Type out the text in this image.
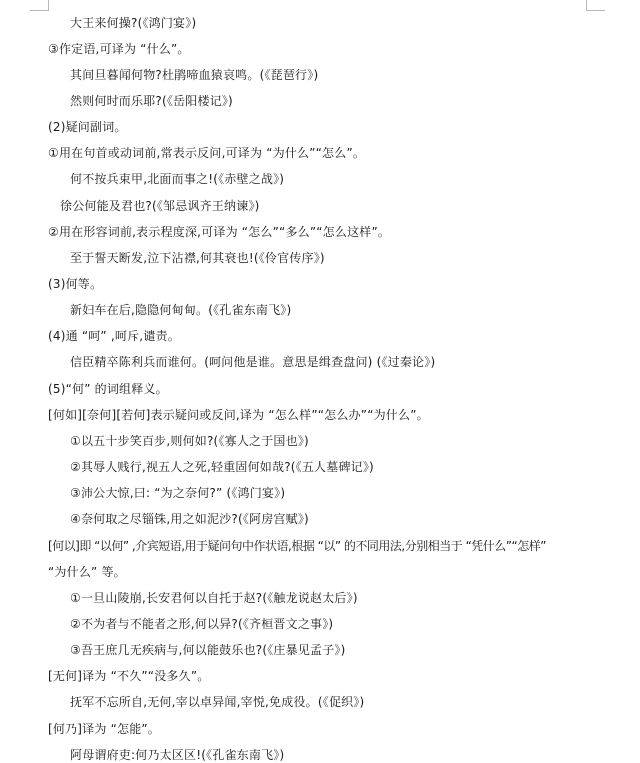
大王来何操?(《鸿门宴》)
③作定语,可译为 “什么”。
其间旦暮闻何物?杜鹃啼血猿哀鸣。(《琵琶行》)
然则何时而乐耶?(《岳阳楼记》)
(2)疑问副词。
①用在句首或动词前,常表示反问,可译为 “为什么”“怎么”。
何不按兵束甲,北面而事之!(《赤壁之战》)
徐公何能及君也?(《邹忌讽齐王纳谏》)
②用在形容词前,表示程度深,可译为 “怎么”“多么”“怎么这样”。
至于誓天断发,泣下沾襟,何其衰也!(《伶官传序》)
(3)何等。
新妇车在后,隐隐何甸甸。(《孔雀东南飞》)
(4)通 “呵” ,呵斥,谴责。
信臣精卒陈利兵而谁何。(呵问他是谁。意思是缉查盘问) (《过秦论》)
(5)“何” 的词组释义。
[何如][奈何][若何]表示疑问或反问,译为 “怎么样”“怎么办”“为什么”。
①以五十步笑百步,则何如?(《寡人之于国也》)
②其辱人贱行,视五人之死,轻重固何如哉?(《五人墓碑记》)
③沛公大惊,曰: “为之奈何?” (《鸿门宴》)
④奈何取之尽锱铢,用之如泥沙?(《阿房宫赋》)
[何以]即 “以何” ,介宾短语,用于疑问句中作状语,根据 “以” 的不同用法,分别相当于 “凭什么”“怎样”
“为什么” 等。
①一旦山陵崩,长安君何以自托于赵?(《触龙说赵太后》)
②不为者与不能者之形,何以异?(《齐桓晋文之事》)
③吾王庶几无疾病与,何以能鼓乐也?(《庄暴见孟子》)
[无何]译为 “不久”“没多久”。
抚军不忘所自,无何,宰以卓异闻,宰悦,免成役。(《促织》)
[何乃]译为 “怎能”。
阿母谓府吏:何乃太区区!(《孔雀东南飞》)
